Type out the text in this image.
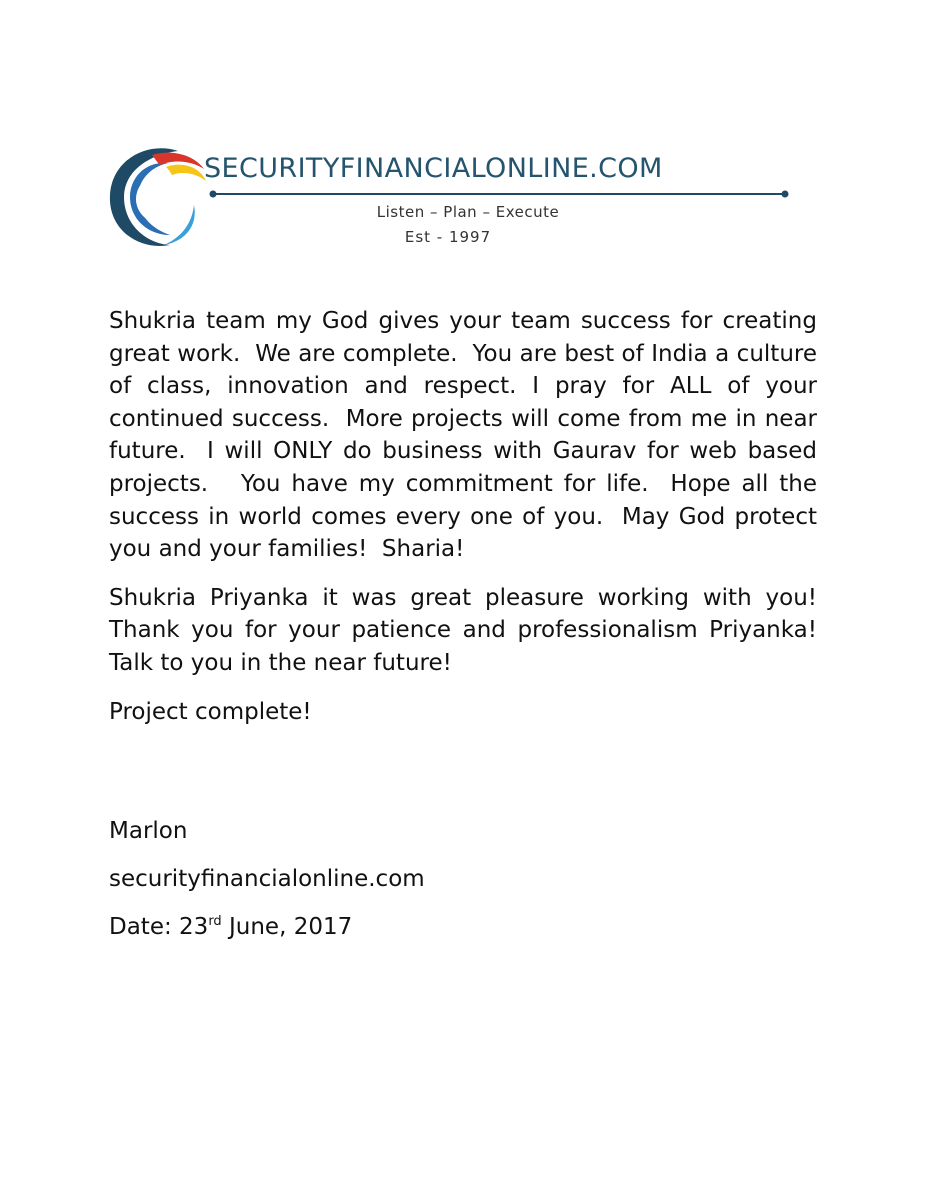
SECURITYFINANCIALONLINE.COM
Listen – Plan – Execute
Est - 1997

Shukria team my God gives your team success for creating great work.  We are complete.  You are best of India a culture of class, innovation and respect. I pray for ALL of your continued success.  More projects will come from me in near future.  I will ONLY do business with Gaurav for web based projects.   You have my commitment for life.  Hope all the success in world comes every one of you.  May God protect you and your families!  Sharia!

Shukria Priyanka it was great pleasure working with you!  Thank you for your patience and professionalism Priyanka! Talk to you in the near future!

Project complete!

Marlon

securityfinancialonline.com

Date: 23rd June, 2017
